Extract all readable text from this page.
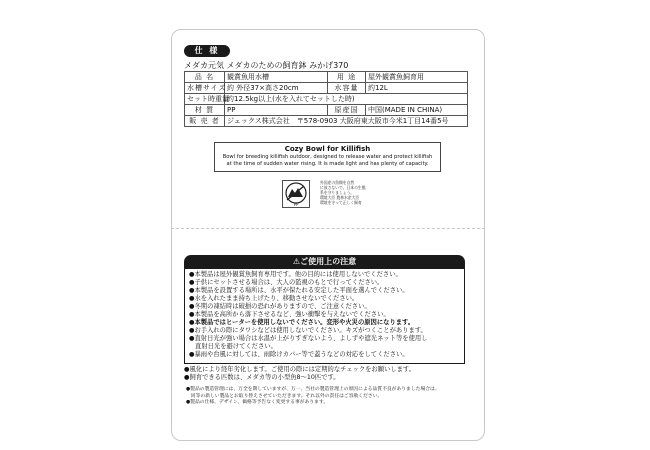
仕 様
メダカ元気 メダカのための飼育鉢 みかげ370
品 名	観賞魚用水槽	用 途	屋外観賞魚飼育用
水槽サイズ	約 外径37×高さ20cm	水容量	約12L
セット時重量	約12.5kg以上(水を入れてセットした時)		
材 質	PP	原産国	中国(MADE IN CHINA)
販 売 者	ジェックス株式会社　〒578-0903 大阪府東大阪市今米1丁目14番5号		
Cozy Bowl for Killifish
Bowl for breeding killifish outdoor, designed to release water and protect killifish
at the time of sudden water rising. It is made light and has plenty of capacity.
PP
外国産の魚類を自然
に放さないで。日本の生態
系を守りましょう。
環境大臣 農林水産大臣
環境を守って正しく飼育
⚠ご使用上の注意
●本製品は屋外観賞魚飼育専用です。他の目的には使用しないでください。
●子供にセットさせる場合は、大人の監視のもとで行ってください。
●本製品を設置する場所は、水平が保たれる安定した平面を選んでください。
●水を入れたまま持ち上げたり、移動させないでください。
●冬期の凍結時は破損の恐れがありますので、ご注意ください。
●本製品を高所から落下させるなど、強い衝撃を与えないでください。
●本製品ではヒーターを使用しないでください。変形や火災の原因になります。
●お手入れの際にタワシなどは使用しないでください。キズがつくことがあります。
●直射日光が強い場合は水温が上がりすぎないよう、よしずや遮光ネット等を使用し
直射日光を避けてください。
●暴雨や台風に対しては、雨除けカバー等で蓋うなどの対応をしてください。
●風化により経年劣化します。ご使用の際には定期的なチェックをお願いします。
●飼育できる匹数は、メダカ等の小型魚8～10匹です。
●製品の製造管理には、万全を期していますが、万一、当社の製造管理上の原因による品質不良がありました場合は、
　同等の新しい製品とお取り替えさせていただきます。それ以外の責任はご容赦ください。
●製品の仕様、デザイン、価格等予告なく変更する事があります。
